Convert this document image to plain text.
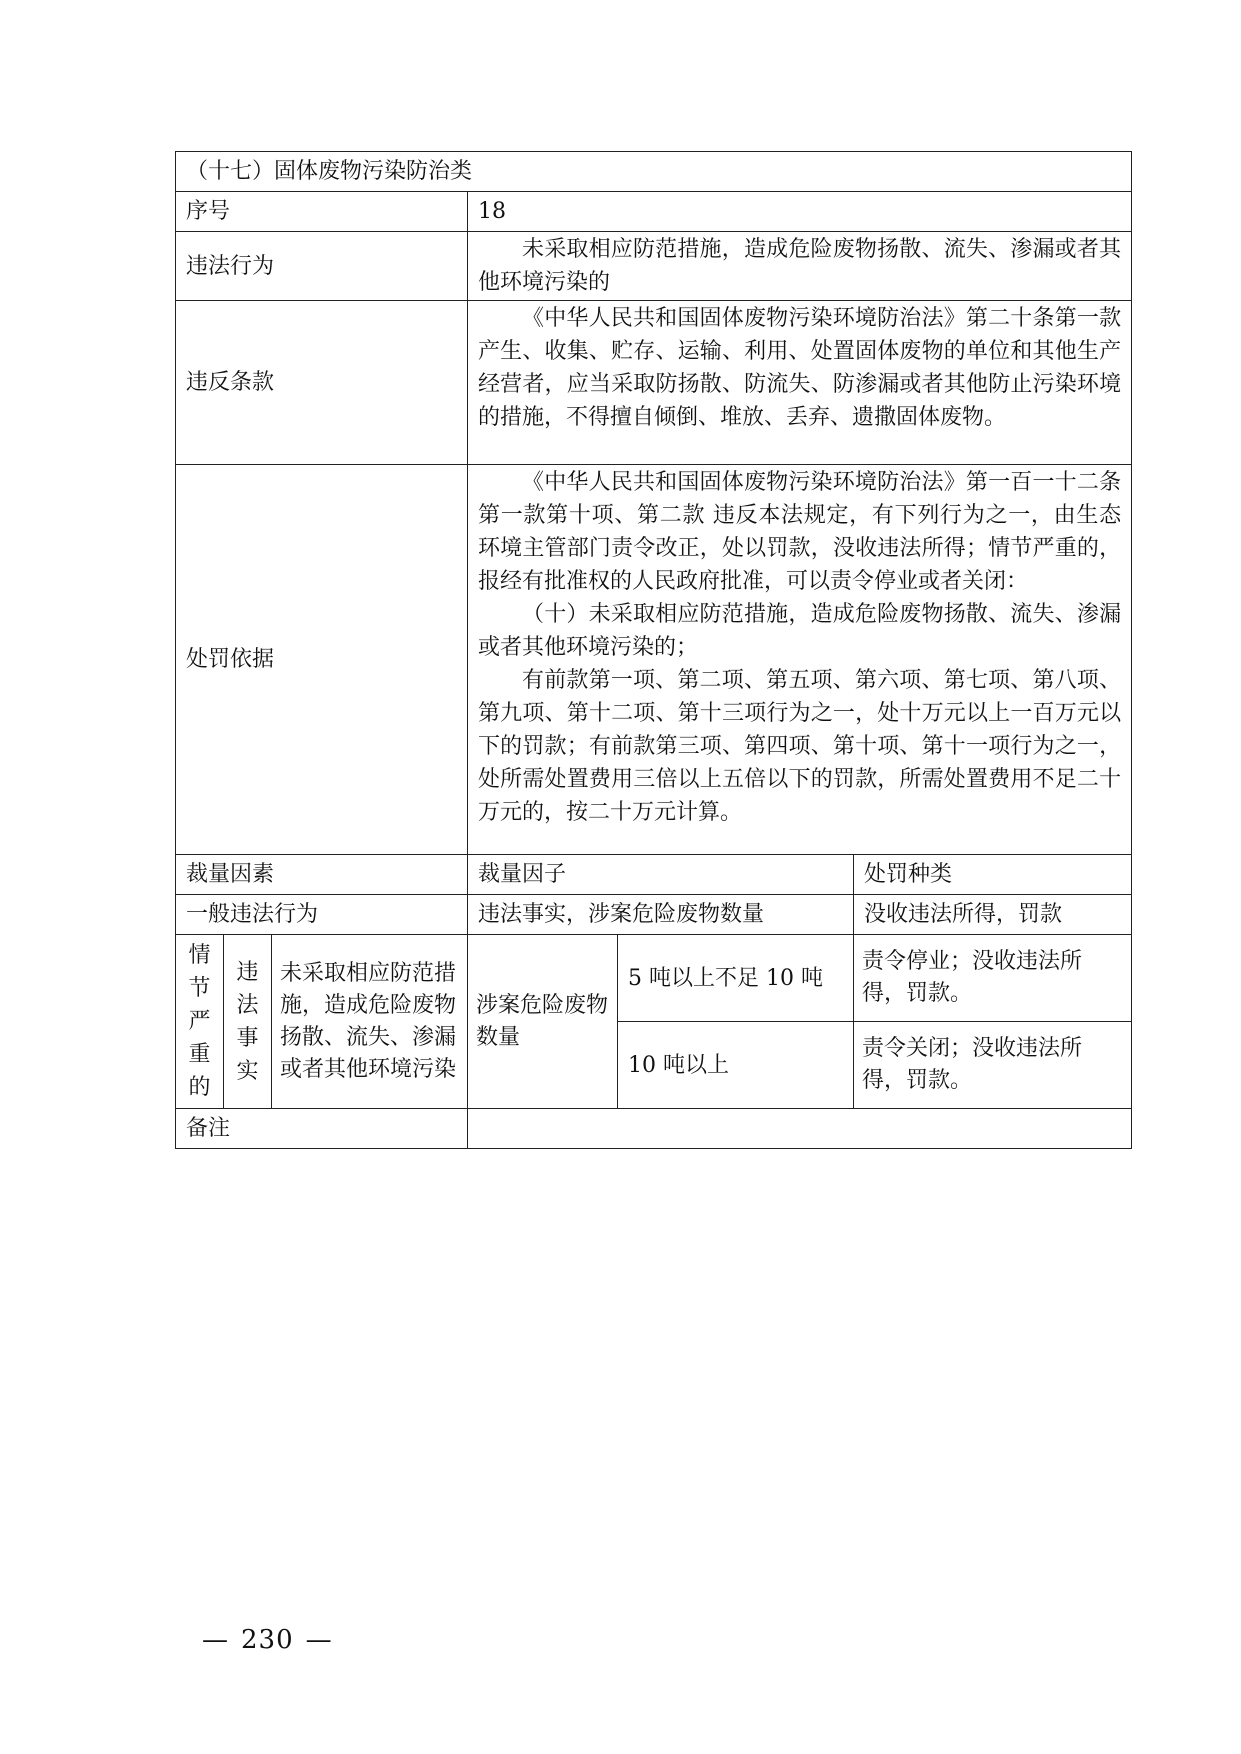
（十七）固体废物污染防治类					
序号			18		
违法行为			未采取相应防范措施，造成危险废物扬散、流失、渗漏或者其他环境污染的		

违反条款			《中华人民共和国固体废物污染环境防治法》第二十条第一款 产生、收集、贮存、运输、利用、处置固体废物的单位和其他生产经营者，应当采取防扬散、防流失、防渗漏或者其他防止污染环境的措施，不得擅自倾倒、堆放、丢弃、遗撒固体废物。		

处罚依据			《中华人民共和国固体废物污染环境防治法》第一百一十二条第一款第十项、第二款 违反本法规定，有下列行为之一，由生态环境主管部门责令改正，处以罚款，没收违法所得；情节严重的，报经有批准权的人民政府批准，可以责令停业或者关闭：
（十）未采取相应防范措施，造成危险废物扬散、流失、渗漏或者其他环境污染的；
有前款第一项、第二项、第五项、第六项、第七项、第八项、第九项、第十二项、第十三项行为之一，处十万元以上一百万元以下的罚款；有前款第三项、第四项、第十项、第十一项行为之一，处所需处置费用三倍以上五倍以下的罚款，所需处置费用不足二十万元的，按二十万元计算。		

裁量因素			裁量因子		处罚种类
一般违法行为			违法事实，涉案危险废物数量		没收违法所得，罚款
情节严重的	违法事实	未采取相应防范措施，造成危险废物扬散、流失、渗漏或者其他环境污染	涉案危险废物数量	5 吨以上不足 10 吨	责令停业；没收违法所得，罚款。
				10 吨以上	责令关闭；没收违法所得，罚款。
备注					
— 230 —
